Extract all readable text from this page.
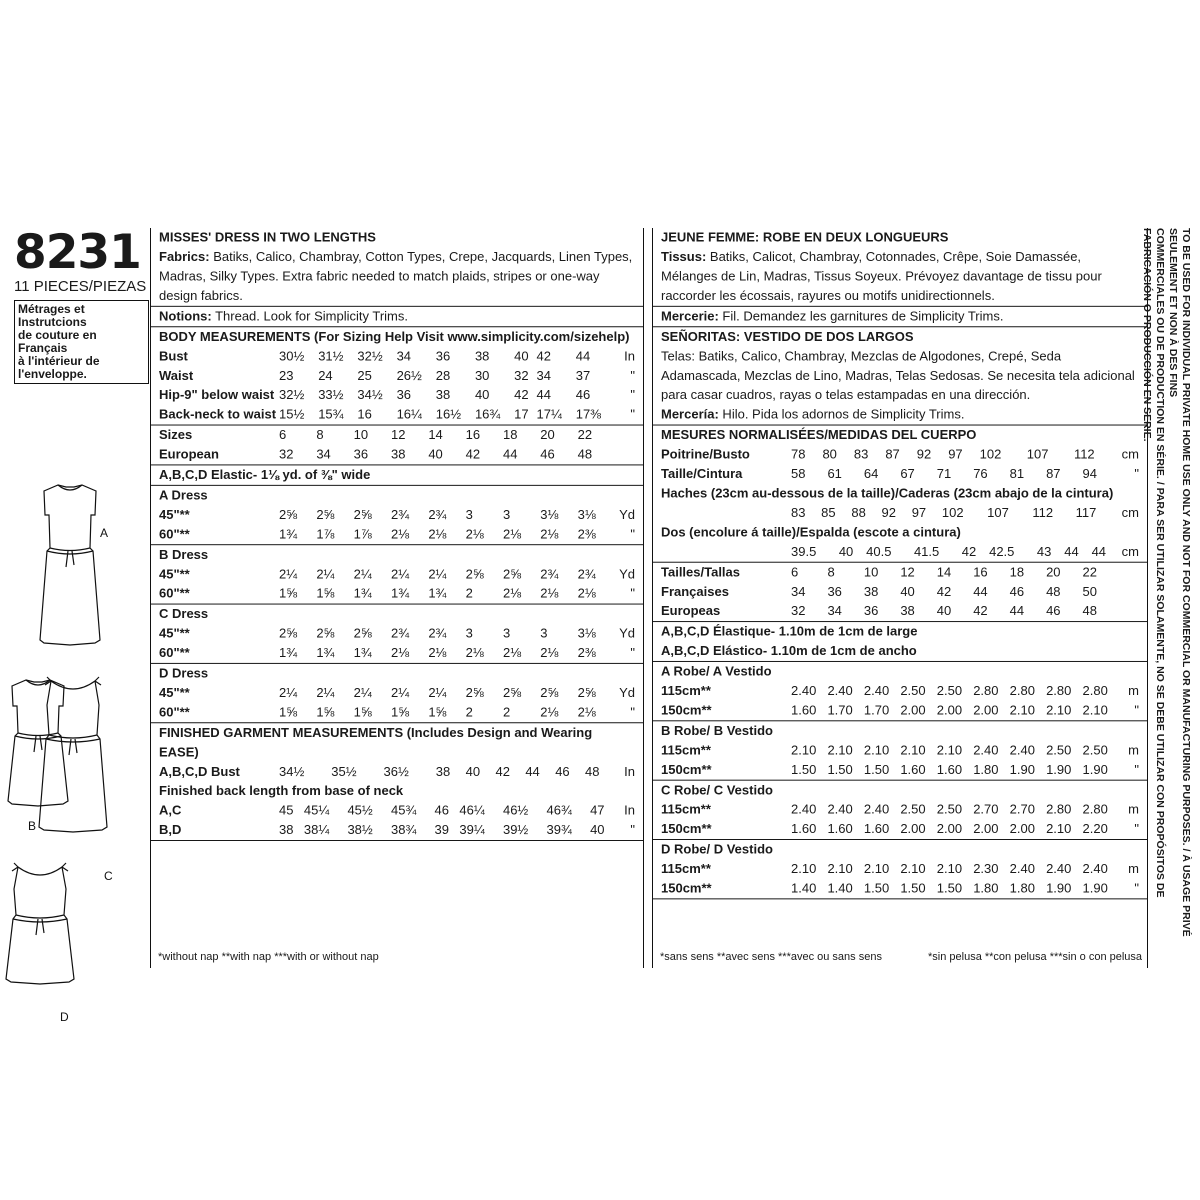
8231
11 PIECES/PIEZAS
Métrages et Instrutcions
de couture en Français
à l'intérieur de
l'enveloppe.
A
B
C
D
MISSES' DRESS IN TWO LENGTHS
Fabrics: Batiks, Calico, Chambray, Cotton Types, Crepe, Jacquards, Linen Types, Madras, Silky Types. Extra fabric needed to match plaids, stripes or one-way design fabrics.
Notions: Thread. Look for Simplicity Trims.
BODY MEASUREMENTS (For Sizing Help Visit www.simplicity.com/sizehelp)
Bust	30½	31½	32½	34	36	38	40	42	44	In
Waist	23	24	25	26½	28	30	32	34	37	"
Hip-9" below waist	32½	33½	34½	36	38	40	42	44	46	"
Back-neck to waist	15½	15¾	16	16¼	16½	16¾	17	17¼	17⅜	"
Sizes	6	8	10	12	14	16	18	20	22	
European	32	34	36	38	40	42	44	46	48	
A,B,C,D Elastic- 1⅛ yd. of ⅜" wide
A Dress
45"**	2⅝	2⅝	2⅝	2¾	2¾	3	3	3⅛	3⅛	Yd
60"**	1¾	1⅞	1⅞	2⅛	2⅛	2⅛	2⅛	2⅛	2⅜	"
B Dress
45"**	2¼	2¼	2¼	2¼	2¼	2⅝	2⅝	2¾	2¾	Yd
60"**	1⅝	1⅝	1¾	1¾	1¾	2	2⅛	2⅛	2⅛	"
C Dress
45"**	2⅝	2⅝	2⅝	2¾	2¾	3	3	3	3⅛	Yd
60"**	1¾	1¾	1¾	2⅛	2⅛	2⅛	2⅛	2⅛	2⅜	"
D Dress
45"**	2¼	2¼	2¼	2¼	2¼	2⅝	2⅝	2⅝	2⅝	Yd
60"**	1⅝	1⅝	1⅝	1⅝	1⅝	2	2	2⅛	2⅛	"
FINISHED GARMENT MEASUREMENTS (Includes Design and Wearing EASE)
A,B,C,D Bust	34½	35½	36½	38	40	42	44	46	48	In
Finished back length from base of neck
A,C	45	45¼	45½	45¾	46	46¼	46½	46¾	47	In
B,D	38	38¼	38½	38¾	39	39¼	39½	39¾	40	"
*without nap **with nap ***with or without nap
JEUNE FEMME: ROBE EN DEUX LONGUEURS
Tissus: Batiks, Calicot, Chambray, Cotonnades, Crêpe, Soie Damassée, Mélanges de Lin, Madras, Tissus Soyeux. Prévoyez davantage de tissu pour raccorder les écossais, rayures ou motifs unidirectionnels.
Mercerie: Fil. Demandez les garnitures de Simplicity Trims.
SEÑORITAS: VESTIDO DE DOS LARGOS
Telas: Batiks, Calico, Chambray, Mezclas de Algodones, Crepé, Seda Adamascada, Mezclas de Lino, Madras, Telas Sedosas. Se necesita tela adicional para casar cuadros, rayas o telas estampadas en una dirección.
Mercería: Hilo. Pida los adornos de Simplicity Trims.
MESURES NORMALISÉES/MEDIDAS DEL CUERPO
Poitrine/Busto	78	80	83	87	92	97	102	107	112	cm
Taille/Cintura	58	61	64	67	71	76	81	87	94	"
Haches (23cm au-dessous de la taille)/Caderas (23cm abajo de la cintura)
	83	85	88	92	97	102	107	112	117	cm
Dos (encolure á taille)/Espalda (escote a cintura)
	39.5	40	40.5	41.5	42	42.5	43	44	44	cm
Tailles/Tallas	6	8	10	12	14	16	18	20	22	
Françaises	34	36	38	40	42	44	46	48	50	
Europeas	32	34	36	38	40	42	44	46	48	
A,B,C,D Élastique- 1.10m de 1cm de large
A,B,C,D Elástico- 1.10m de 1cm de ancho
A Robe/ A Vestido
115cm**	2.40	2.40	2.40	2.50	2.50	2.80	2.80	2.80	2.80	m
150cm**	1.60	1.70	1.70	2.00	2.00	2.00	2.10	2.10	2.10	"
B Robe/ B Vestido
115cm**	2.10	2.10	2.10	2.10	2.10	2.40	2.40	2.50	2.50	m
150cm**	1.50	1.50	1.50	1.60	1.60	1.80	1.90	1.90	1.90	"
C Robe/ C Vestido
115cm**	2.40	2.40	2.40	2.50	2.50	2.70	2.70	2.80	2.80	m
150cm**	1.60	1.60	1.60	2.00	2.00	2.00	2.00	2.10	2.20	"
D Robe/ D Vestido
115cm**	2.10	2.10	2.10	2.10	2.10	2.30	2.40	2.40	2.40	m
150cm**	1.40	1.40	1.50	1.50	1.50	1.80	1.80	1.90	1.90	"
*sans sens **avec sens ***avec ou sans sens	*sin pelusa **con pelusa ***sin o con pelusa
TO BE USED FOR INDIVIDUAL PRIVATE HOME USE ONLY AND NOT FOR COMMERCIAL OR MANUFACTURING PURPOSES. / À USAGE PRIVÉ SEULEMENT ET NON À DES FINS
COMMERCIALES OU DE PRODUCTION EN SÉRIE. / PARA SER UTILIZAR SOLAMENTE, NO SE DEBE UTILIZAR CON PROPÓSITOS DE FABRICACIÓN O PRODUCCIÓN EN SERIE.
